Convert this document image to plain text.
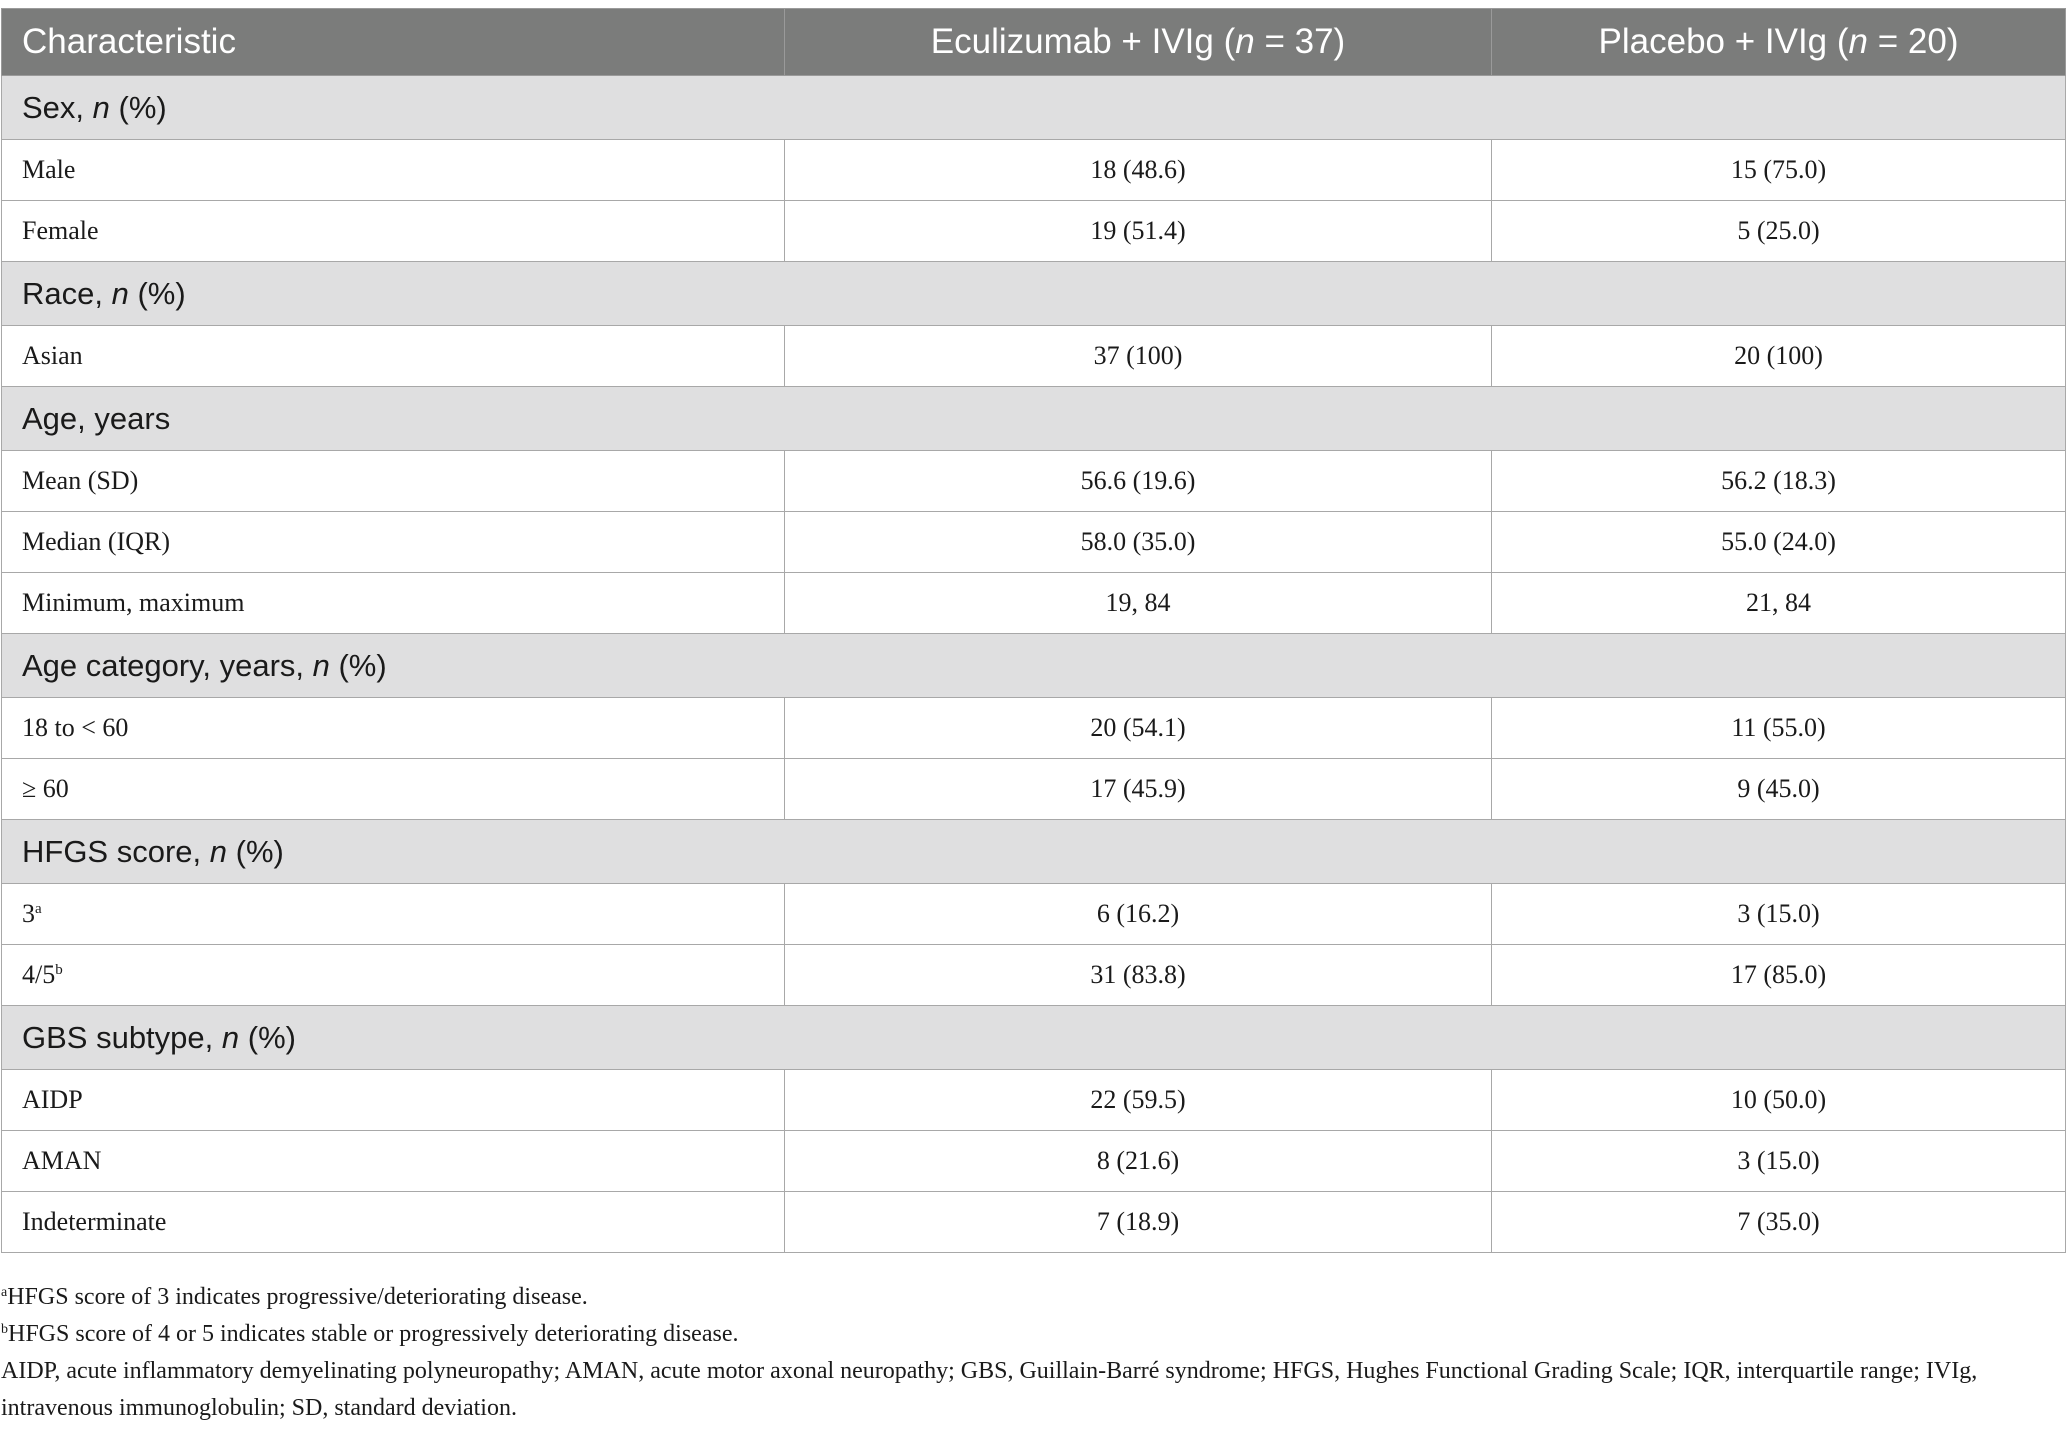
Characteristic	Eculizumab + IVIg (n = 37)	Placebo + IVIg (n = 20)
Sex, n (%)		
Male	18 (48.6)	15 (75.0)
Female	19 (51.4)	5 (25.0)
Race, n (%)		
Asian	37 (100)	20 (100)
Age, years		
Mean (SD)	56.6 (19.6)	56.2 (18.3)
Median (IQR)	58.0 (35.0)	55.0 (24.0)
Minimum, maximum	19, 84	21, 84
Age category, years, n (%)		
18 to < 60	20 (54.1)	11 (55.0)
≥ 60	17 (45.9)	9 (45.0)
HFGS score, n (%)		
3$^a$	6 (16.2)	3 (15.0)
4/5$^b$	31 (83.8)	17 (85.0)
GBS subtype, n (%)		
AIDP	22 (59.5)	10 (50.0)
AMAN	8 (21.6)	3 (15.0)
Indeterminate	7 (18.9)	7 (35.0)

$^a$HFGS score of 3 indicates progressive/deteriorating disease.

$^b$HFGS score of 4 or 5 indicates stable or progressively deteriorating disease.

AIDP, acute inflammatory demyelinating polyneuropathy; AMAN, acute motor axonal neuropathy; GBS, Guillain-Barré syndrome; HFGS, Hughes Functional Grading Scale; IQR, interquartile range; IVIg, intravenous immunoglobulin; SD, standard deviation.
